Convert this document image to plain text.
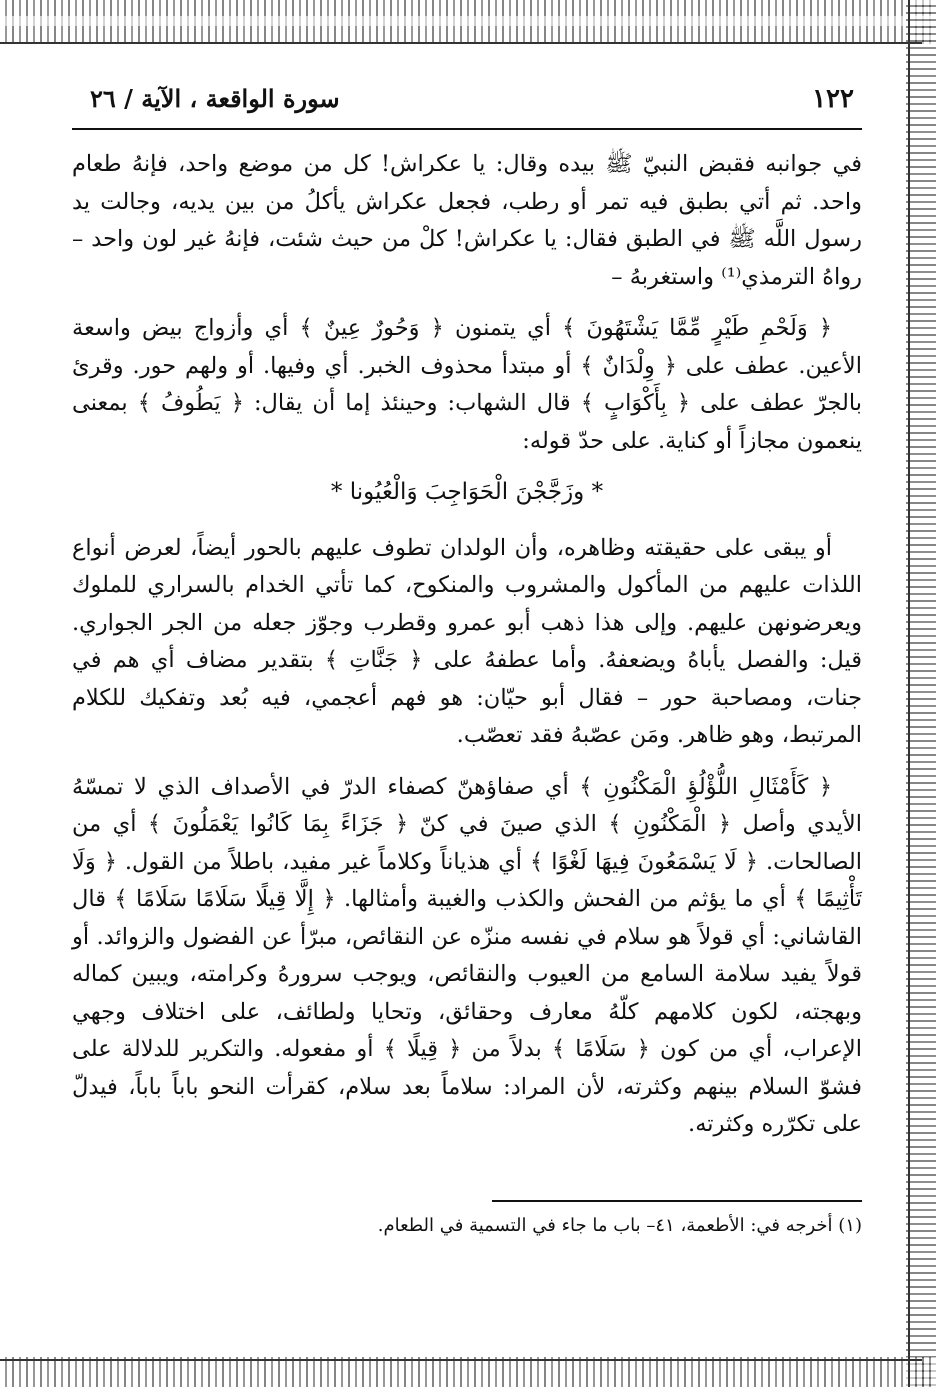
١٢٢
سورة الواقعة ، الآية / ٢٦

في جوانبه فقبض النبيّ ﷺ بيده وقال: يا عكراش! كل من موضع واحد، فإنهُ طعام واحد. ثم أتي بطبق فيه تمر أو رطب، فجعل عكراش يأكلُ من بين يديه، وجالت يد رسول اللَّه ﷺ في الطبق فقال: يا عكراش! كلْ من حيث شئت، فإنهُ غير لون واحد – رواهُ الترمذي⁽¹⁾ واستغربهُ –

﴿ وَلَحْمِ طَيْرٍ مِّمَّا يَشْتَهُونَ ﴾ أي يتمنون ﴿ وَحُورٌ عِينٌ ﴾ أي وأزواج بيض واسعة الأعين. عطف على ﴿ وِلْدَانٌ ﴾ أو مبتدأ محذوف الخبر. أي وفيها. أو ولهم حور. وقرئ بالجرّ عطف على ﴿ بِأَكْوَابٍ ﴾ قال الشهاب: وحينئذ إما أن يقال: ﴿ يَطُوفُ ﴾ بمعنى ينعمون مجازاً أو كناية. على حدّ قوله:

* وزَجَّجْنَ الْحَوَاجِبَ وَالْعُيُونا *

أو يبقى على حقيقته وظاهره، وأن الولدان تطوف عليهم بالحور أيضاً، لعرض أنواع اللذات عليهم من المأكول والمشروب والمنكوح، كما تأتي الخدام بالسراري للملوك ويعرضونهن عليهم. وإلى هذا ذهب أبو عمرو وقطرب وجوّز جعله من الجر الجواري. قيل: والفصل يأباهُ ويضعفهُ. وأما عطفهُ على ﴿ جَنَّاتِ ﴾ بتقدير مضاف أي هم في جنات، ومصاحبة حور – فقال أبو حيّان: هو فهم أعجمي، فيه بُعد وتفكيك للكلام المرتبط، وهو ظاهر. ومَن عصّبهُ فقد تعصّب.

﴿ كَأَمْثَالِ اللُّؤْلُؤِ الْمَكْنُونِ ﴾ أي صفاؤهنّ كصفاء الدرّ في الأصداف الذي لا تمسّهُ الأيدي وأصل ﴿ الْمَكْنُونِ ﴾ الذي صينَ في كنّ ﴿ جَزَاءً بِمَا كَانُوا يَعْمَلُونَ ﴾ أي من الصالحات. ﴿ لَا يَسْمَعُونَ فِيهَا لَغْوًا ﴾ أي هذياناً وكلاماً غير مفيد، باطلاً من القول. ﴿ وَلَا تَأْثِيمًا ﴾ أي ما يؤثم من الفحش والكذب والغيبة وأمثالها. ﴿ إِلَّا قِيلًا سَلَامًا سَلَامًا ﴾ قال القاشاني: أي قولاً هو سلام في نفسه منزّه عن النقائص، مبرّأ عن الفضول والزوائد. أو قولاً يفيد سلامة السامع من العيوب والنقائص، ويوجب سرورهُ وكرامته، ويبين كماله وبهجته، لكون كلامهم كلّهُ معارف وحقائق، وتحايا ولطائف، على اختلاف وجهي الإعراب، أي من كون ﴿ سَلَامًا ﴾ بدلاً من ﴿ قِيلًا ﴾ أو مفعوله. والتكرير للدلالة على فشوّ السلام بينهم وكثرته، لأن المراد: سلاماً بعد سلام، كقرأت النحو باباً باباً، فيدلّ على تكرّره وكثرته.

(١) أخرجه في: الأطعمة، ٤١– باب ما جاء في التسمية في الطعام.
